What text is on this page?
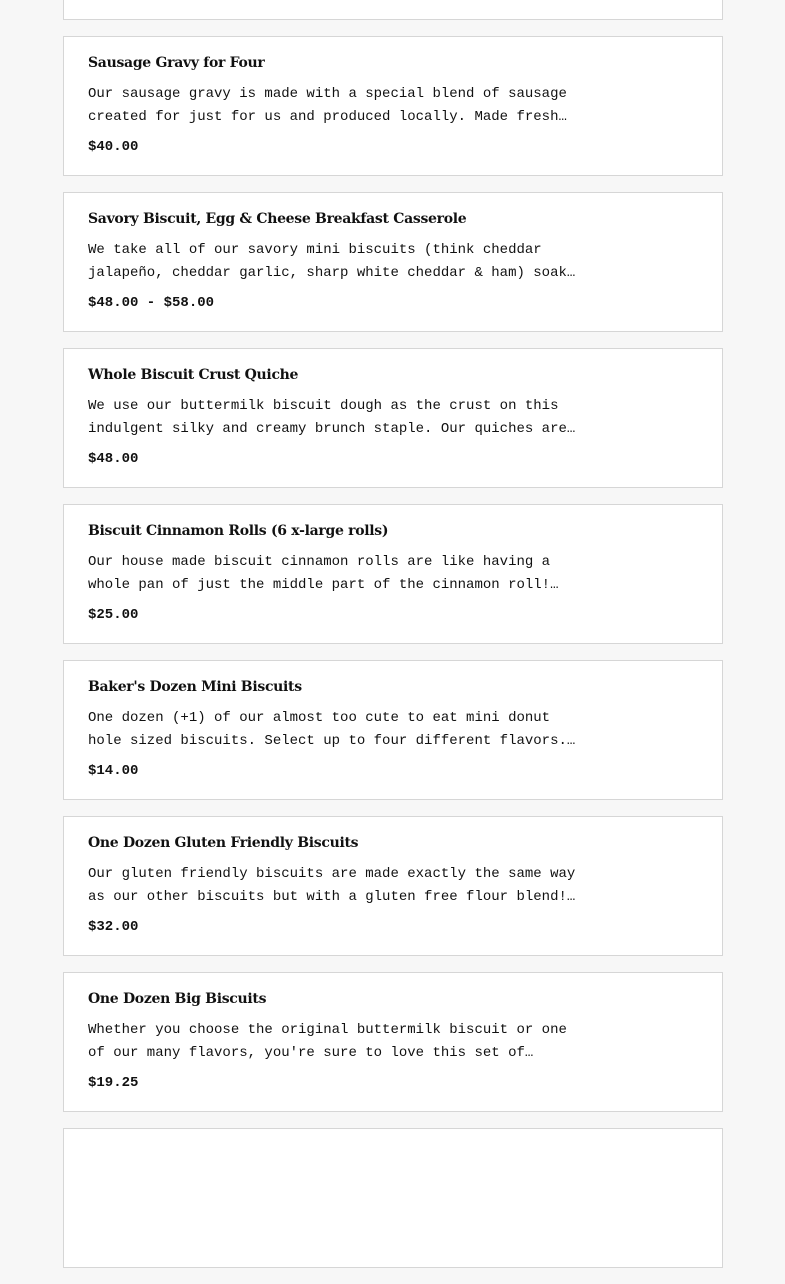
Sausage Gravy for Four
Our sausage gravy is made with a special blend of sausage created for just for us and produced locally. Made fresh
$40.00
Savory Biscuit, Egg & Cheese Breakfast Casserole
We take all of our savory mini biscuits (think cheddar jalapeño, cheddar garlic, sharp white cheddar & ham) soak
$48.00 - $58.00
Whole Biscuit Crust Quiche
We use our buttermilk biscuit dough as the crust on this indulgent silky and creamy brunch staple. Our quiches are
$48.00
Biscuit Cinnamon Rolls (6 x-large rolls)
Our house made biscuit cinnamon rolls are like having a whole pan of just the middle part of the cinnamon roll!
$25.00
Baker's Dozen Mini Biscuits
One dozen (+1) of our almost too cute to eat mini donut hole sized biscuits. Select up to four different flavors.
$14.00
One Dozen Gluten Friendly Biscuits
Our gluten friendly biscuits are made exactly the same way as our other biscuits but with a gluten free flour blend!
$32.00
One Dozen Big Biscuits
Whether you choose the original buttermilk biscuit or one of our many flavors, you're sure to love this set of
$19.25
